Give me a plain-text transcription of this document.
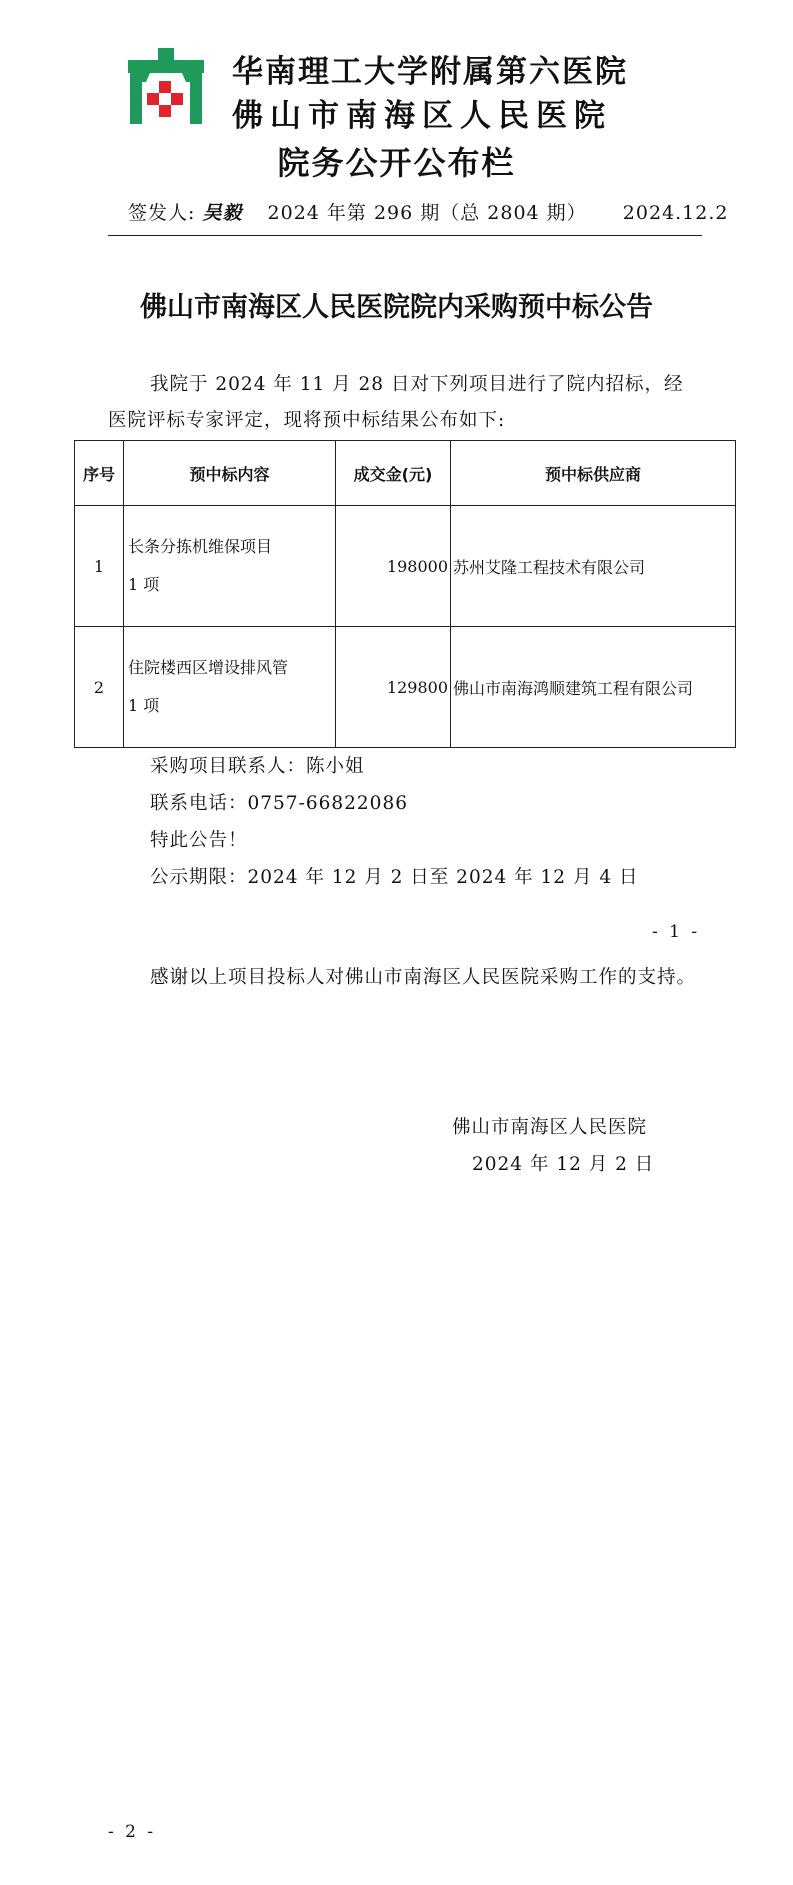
华南理工大学附属第六医院
佛山市南海区人民医院
院务公开公布栏
签发人: 吴毅 2024 年第 296 期（总 2804 期） 2024.12.2
佛山市南海区人民医院院内采购预中标公告
我院于 2024 年 11 月 28 日对下列项目进行了院内招标，经医院评标专家评定，现将预中标结果公布如下:
序号	预中标内容	成交金(元)	预中标供应商
1	长条分拣机维保项目
1 项	198000	苏州艾隆工程技术有限公司
2	住院楼西区增设排风管
1 项	129800	佛山市南海鸿顺建筑工程有限公司
采购项目联系人：陈小姐
联系电话：0757-66822086
特此公告！
公示期限：2024 年 12 月 2 日至 2024 年 12 月 4 日
- 1 -
感谢以上项目投标人对佛山市南海区人民医院采购工作的支持。
佛山市南海区人民医院
2024 年 12 月 2 日
- 2 -
